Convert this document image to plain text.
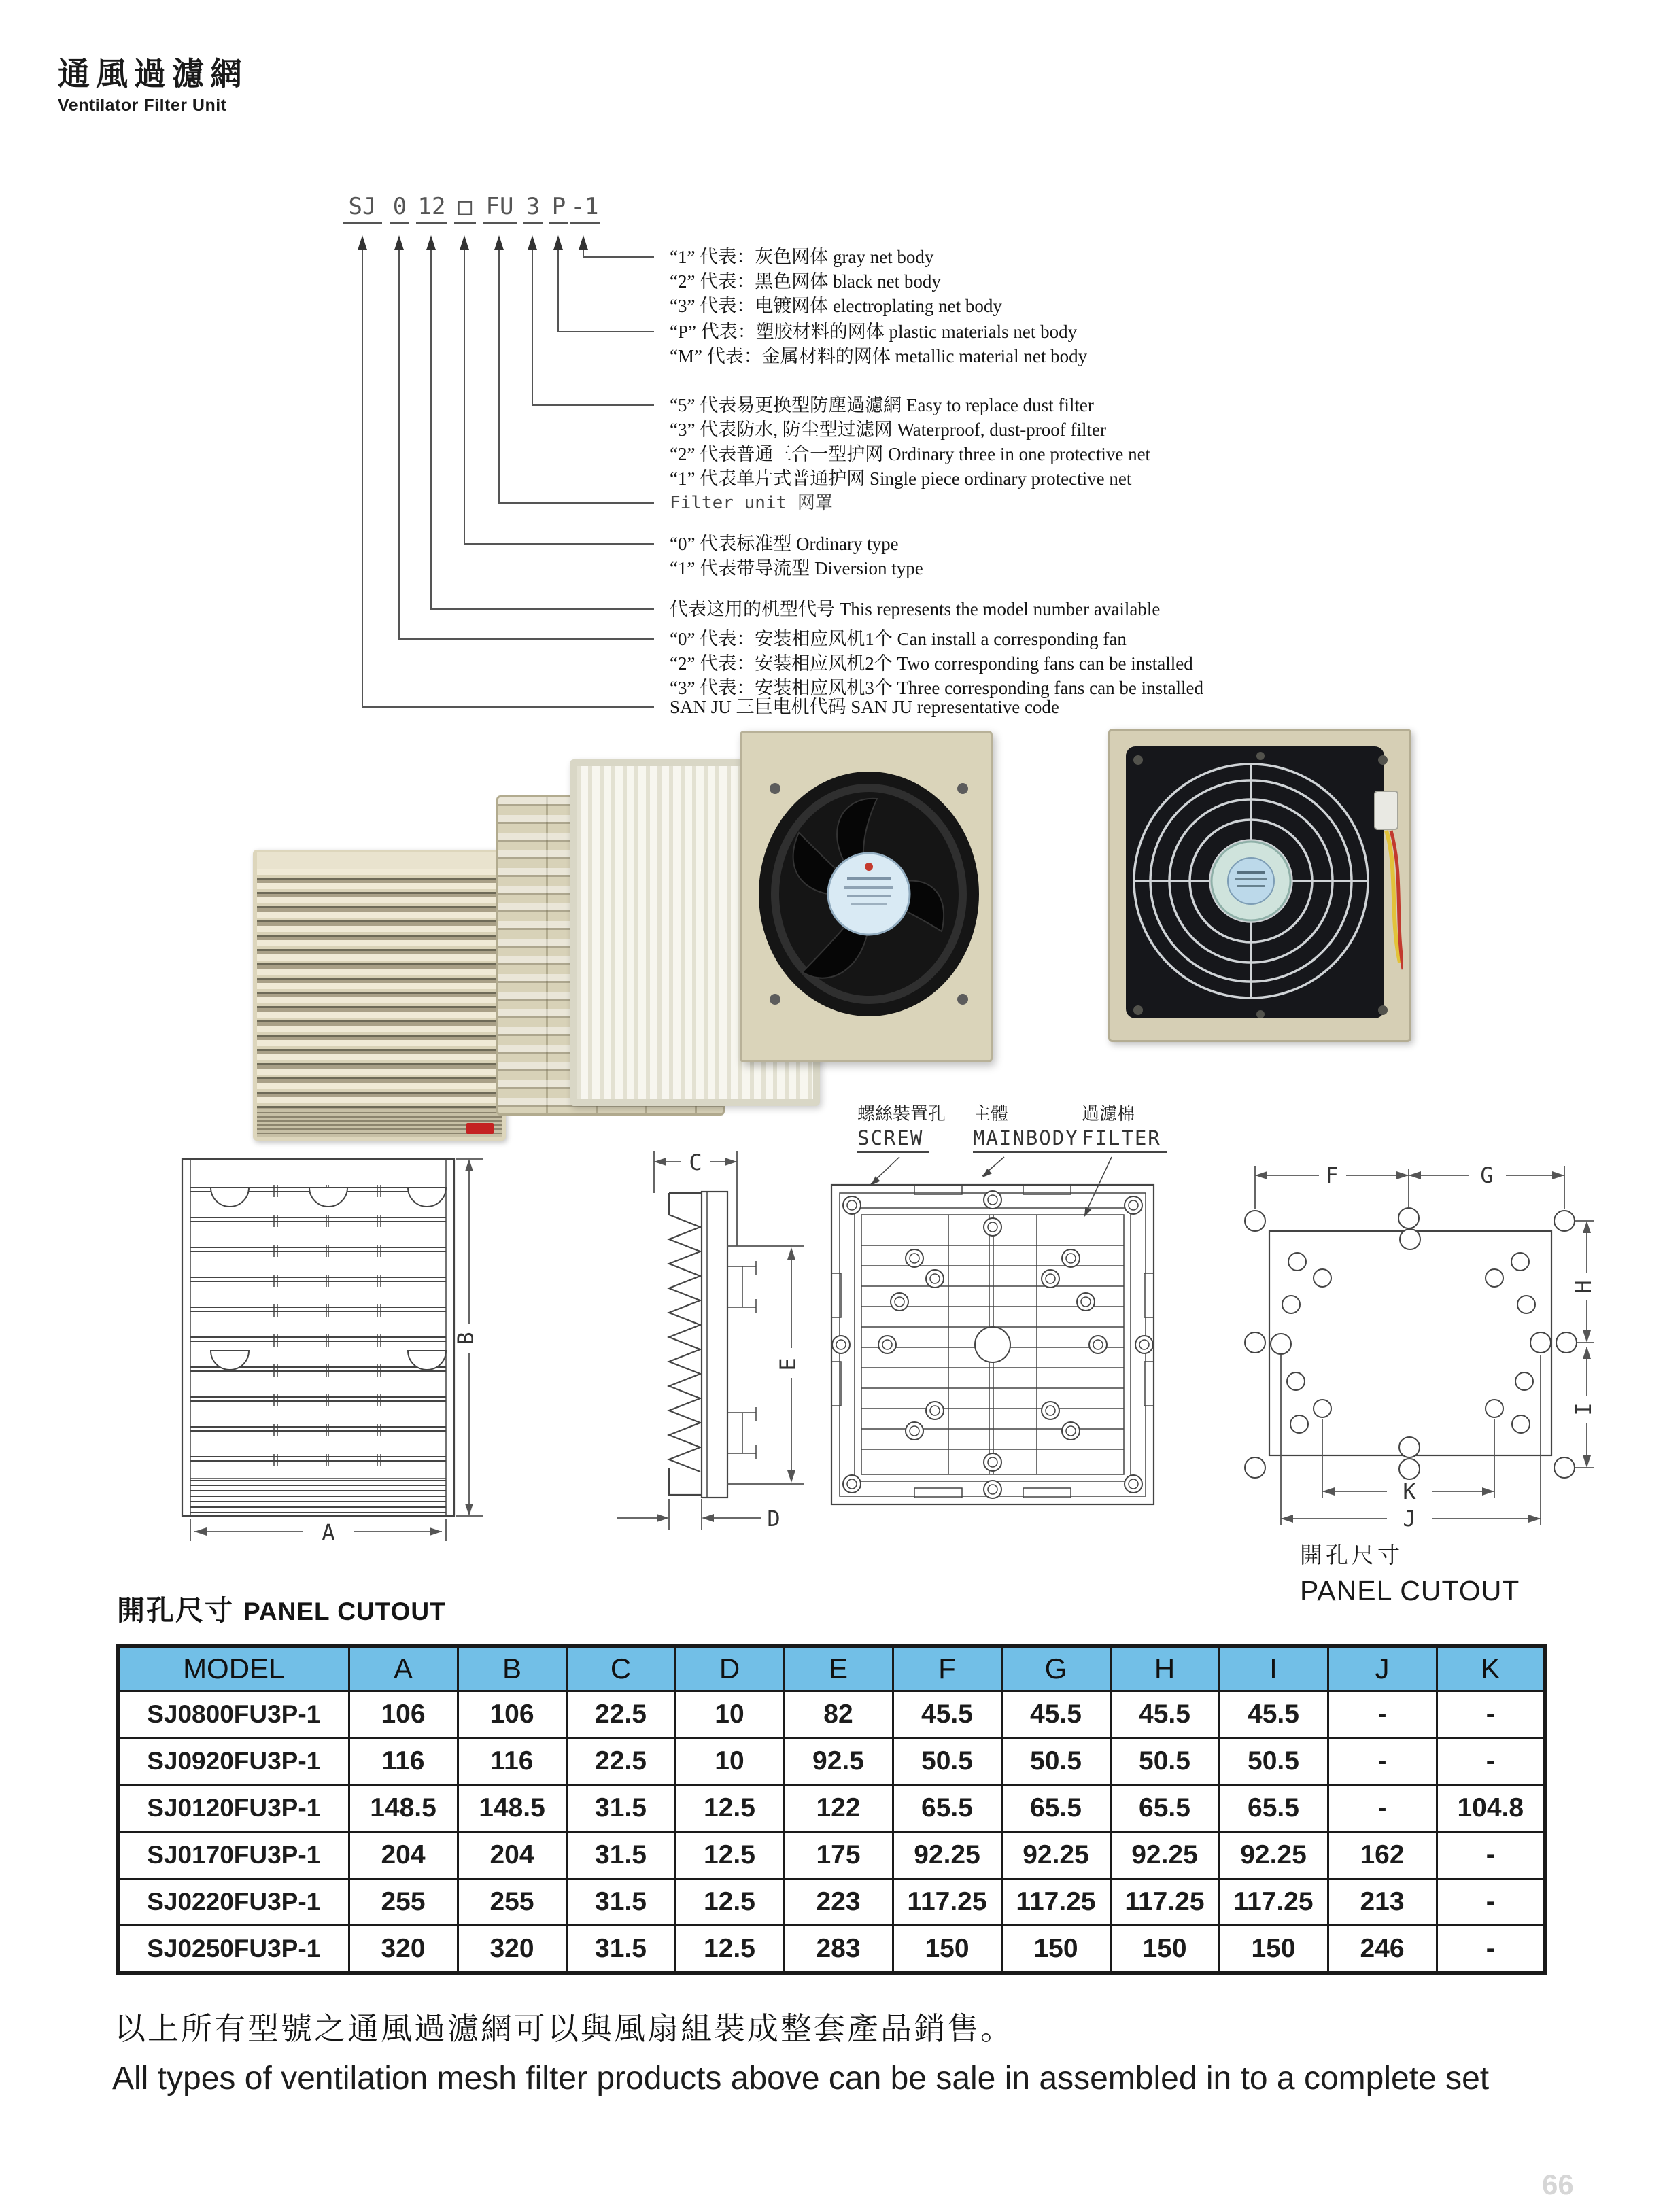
通風過濾網
Ventilator Filter Unit
SJ 0 12 □ FU 3 P -1
“1” 代表：灰色网体 gray net body
“2” 代表：黑色网体 black net body
“3” 代表：电镀网体 electroplating net body
“P” 代表：塑胶材料的网体 plastic materials net body
“M” 代表：金属材料的网体 metallic material net body
“5” 代表易更换型防塵過濾網 Easy to replace dust filter
“3” 代表防水, 防尘型过滤网 Waterproof, dust-proof filter
“2” 代表普通三合一型护网 Ordinary three in one protective net
“1” 代表单片式普通护网 Single piece ordinary protective net
Filter unit 网罩
“0” 代表标准型 Ordinary type
“1” 代表带导流型 Diversion type
代表这用的机型代号 This represents the model number available
“0” 代表：安装相应风机1个 Can install a corresponding fan
“2” 代表：安装相应风机2个 Two corresponding fans can be installed
“3” 代表：安装相应风机3个 Three corresponding fans can be installed
SAN JU 三巨电机代码 SAN JU representative code
B
A
C
E
D
螺絲裝置孔
SCREW
主體
MAINBODY
過濾棉
FILTER
F	G
H
I
K
J
開孔尺寸
PANEL CUTOUT
開孔尺寸 PANEL CUTOUT
MODEL	A	B	C	D	E	F	G	H	I	J	K
SJ0800FU3P-1	106	106	22.5	10	82	45.5	45.5	45.5	45.5	-	-
SJ0920FU3P-1	116	116	22.5	10	92.5	50.5	50.5	50.5	50.5	-	-
SJ0120FU3P-1	148.5	148.5	31.5	12.5	122	65.5	65.5	65.5	65.5	-	104.8
SJ0170FU3P-1	204	204	31.5	12.5	175	92.25	92.25	92.25	92.25	162	-
SJ0220FU3P-1	255	255	31.5	12.5	223	117.25	117.25	117.25	117.25	213	-
SJ0250FU3P-1	320	320	31.5	12.5	283	150	150	150	150	246	-
以上所有型號之通風過濾網可以與風扇組裝成整套產品銷售。
All types of ventilation mesh filter products above can be sale in assembled in to a complete set
66
